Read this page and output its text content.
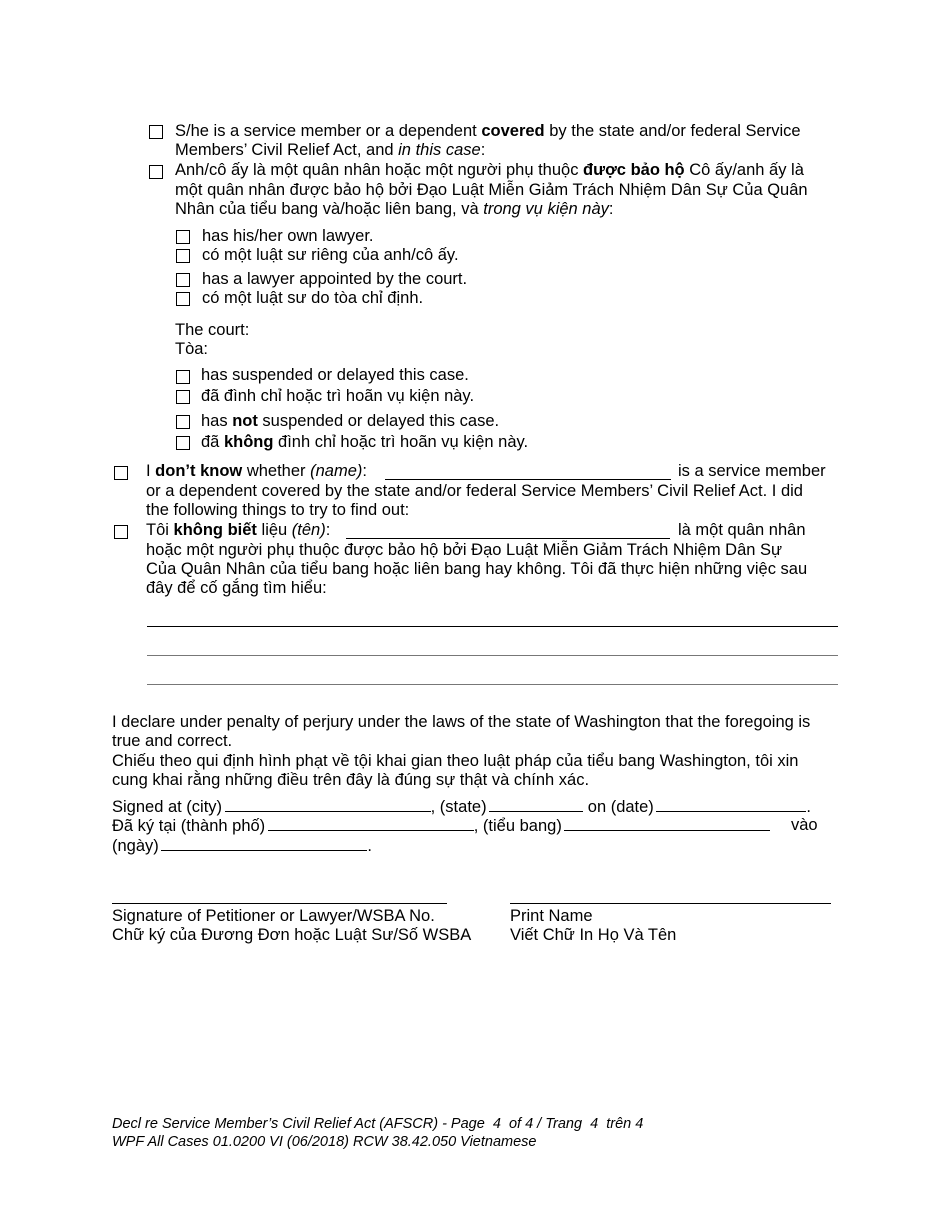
S/he is a service member or a dependent covered by the state and/or federal Service
Members’ Civil Relief Act, and in this case:
Anh/cô ấy là một quân nhân hoặc một người phụ thuộc được bảo hộ Cô ấy/anh ấy là
một quân nhân được bảo hộ bởi Đạo Luật Miễn Giảm Trách Nhiệm Dân Sự Của Quân
Nhân của tiểu bang và/hoặc liên bang, và trong vụ kiện này:
has his/her own lawyer.
có một luật sư riêng của anh/cô ấy.
has a lawyer appointed by the court.
có một luật sư do tòa chỉ định.
The court:
Tòa:
has suspended or delayed this case.
đã đình chỉ hoặc trì hoãn vụ kiện này.
has not suspended or delayed this case.
đã không đình chỉ hoặc trì hoãn vụ kiện này.
I don’t know whether (name):	is a service member
or a dependent covered by the state and/or federal Service Members’ Civil Relief Act. I did
the following things to try to find out:
Tôi không biết liệu (tên):	là một quân nhân
hoặc một người phụ thuộc được bảo hộ bởi Đạo Luật Miễn Giảm Trách Nhiệm Dân Sự
Của Quân Nhân của tiểu bang hoặc liên bang hay không. Tôi đã thực hiện những việc sau
đây để cố gắng tìm hiểu:
I declare under penalty of perjury under the laws of the state of Washington that the foregoing is
true and correct.
Chiếu theo qui định hình phạt về tội khai gian theo luật pháp của tiểu bang Washington, tôi xin
cung khai rằng những điều trên đây là đúng sự thật và chính xác.
Signed at (city)	, (state)	on (date)	.
Đã ký tại (thành phố)	, (tiểu bang)	vào
(ngày)	.
Signature of Petitioner or Lawyer/WSBA No.
Chữ ký của Đương Đơn hoặc Luật Sư/Số WSBA
Print Name
Viết Chữ In Họ Và Tên
Decl re Service Member’s Civil Relief Act (AFSCR) - Page  4  of 4 / Trang  4  trên 4
WPF All Cases 01.0200 VI (06/2018) RCW 38.42.050 Vietnamese
